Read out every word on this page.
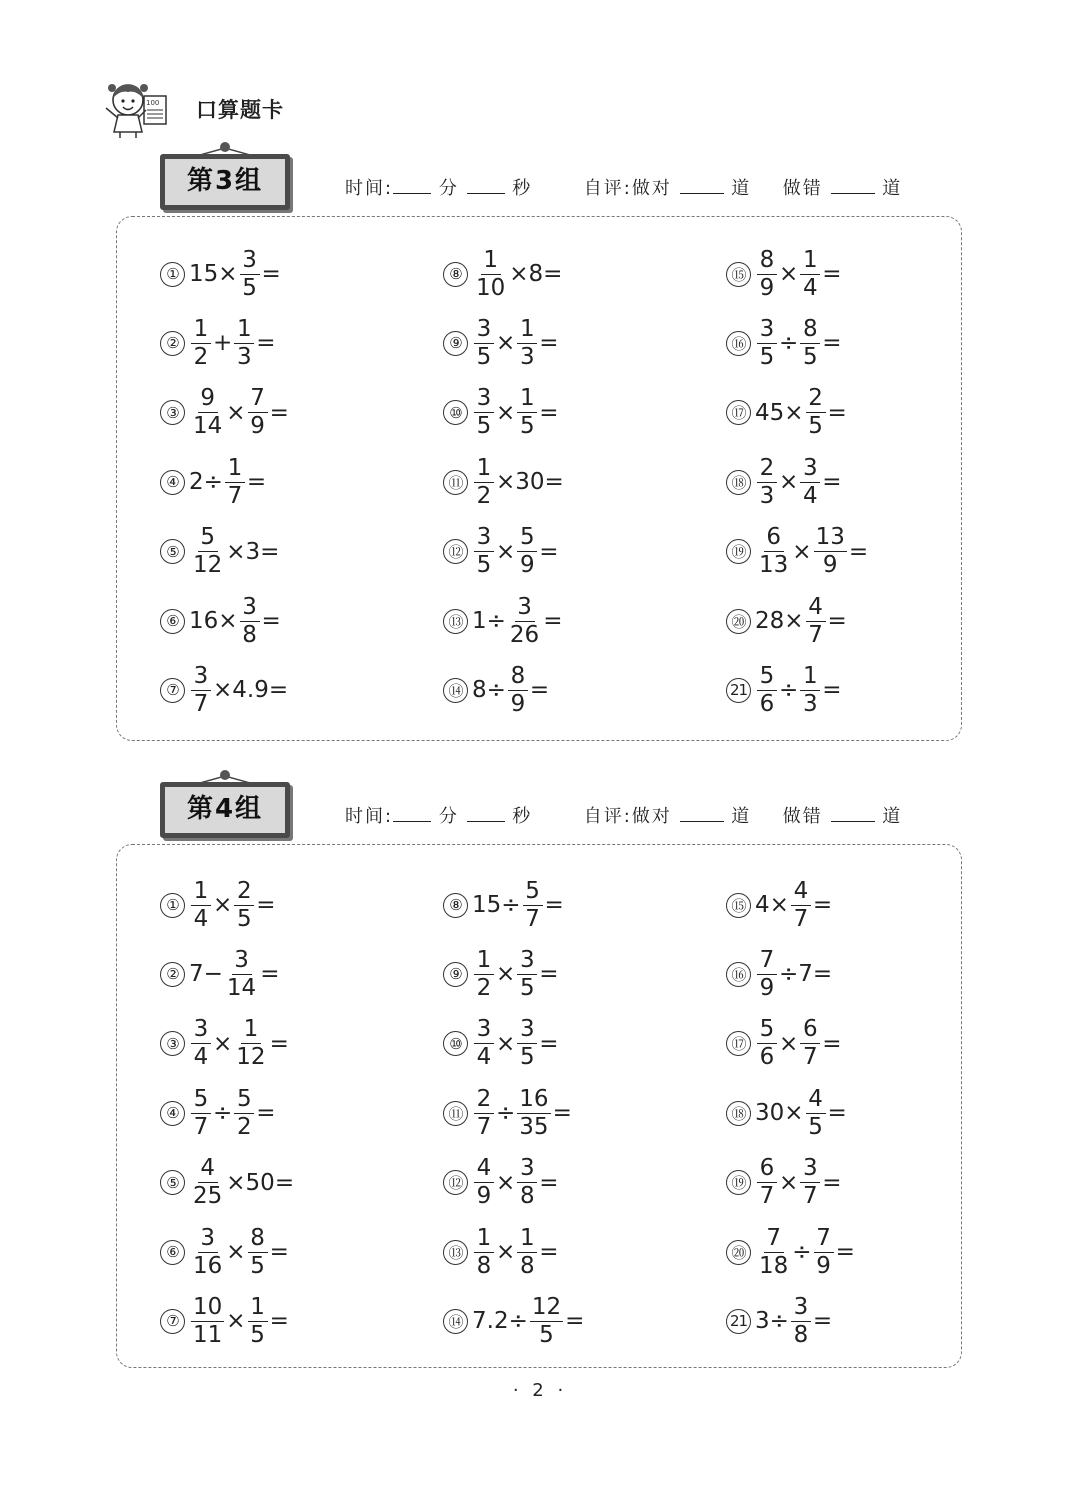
100 口算题卡
第3组	时间:	分	秒	自评:做对	道 做错	道
① $15\times \frac{3}{5}$ =
② $\frac{1}{2} + \frac{1}{3}$ =
③ $\frac{9}{14} \times \frac{7}{9}$ =
④ $2\div \frac{1}{7}$ =
⑤ $\frac{5}{12} \times 3=$
⑥ $16\times \frac{3}{8}$ =
⑦ $\frac{3}{7} \times 4.9=$
⑧ $\frac{1}{10} \times 8=$
⑨ $\frac{3}{5} \times \frac{1}{3}$ =
⑩ $\frac{3}{5} \times \frac{1}{5}$ =
⑪ $\frac{1}{2} \times 30=$
⑫ $\frac{3}{5} \times \frac{5}{9}$ =
⑬ $1\div \frac{3}{26}$ =
⑭ $8\div \frac{8}{9}$ =
⑮ $\frac{8}{9} \times \frac{1}{4}$ =
⑯ $\frac{3}{5} \div \frac{8}{5}$ =
⑰ $45\times \frac{2}{5}$ =
⑱ $\frac{2}{3} \times \frac{3}{4}$ =
⑲ $\frac{6}{13} \times \frac{13}{9}$ =
⑳ $28\times \frac{4}{7}$ =
$21 \frac{5}{6} \div \frac{1}{3}$ =
第4组	时间:	分	秒	自评:做对	道 做错	道
① $\frac{1}{4} \times \frac{2}{5}$ =
② $7- \frac{3}{14}$ =
③ $\frac{3}{4} \times \frac{1}{12}$ =
④ $\frac{5}{7} \div \frac{5}{2}$ =
⑤ $\frac{4}{25} \times 50=$
⑥ $\frac{3}{16} \times \frac{8}{5}$ =
⑦ $\frac{10}{11} \times \frac{1}{5}$ =
⑧ $15\div \frac{5}{7}$ =
⑨ $\frac{1}{2} \times \frac{3}{5}$ =
⑩ $\frac{3}{4} \times \frac{3}{5}$ =
⑪ $\frac{2}{7} \div \frac{16}{35}$ =
⑫ $\frac{4}{9} \times \frac{3}{8}$ =
⑬ $\frac{1}{8} \times \frac{1}{8}$ =
⑭ $7.2\div \frac{12}{5}$ =
⑮ $4\times \frac{4}{7}$ =
⑯ $\frac{7}{9} \div 7=$
⑰ $\frac{5}{6} \times \frac{6}{7}$ =
⑱ $30\times \frac{4}{5}$ =
⑲ $\frac{6}{7} \times \frac{3}{7}$ =
⑳ $\frac{7}{18} \div \frac{7}{9}$ =
21 $3\div \frac{3}{8}$ =
· 2 ·
